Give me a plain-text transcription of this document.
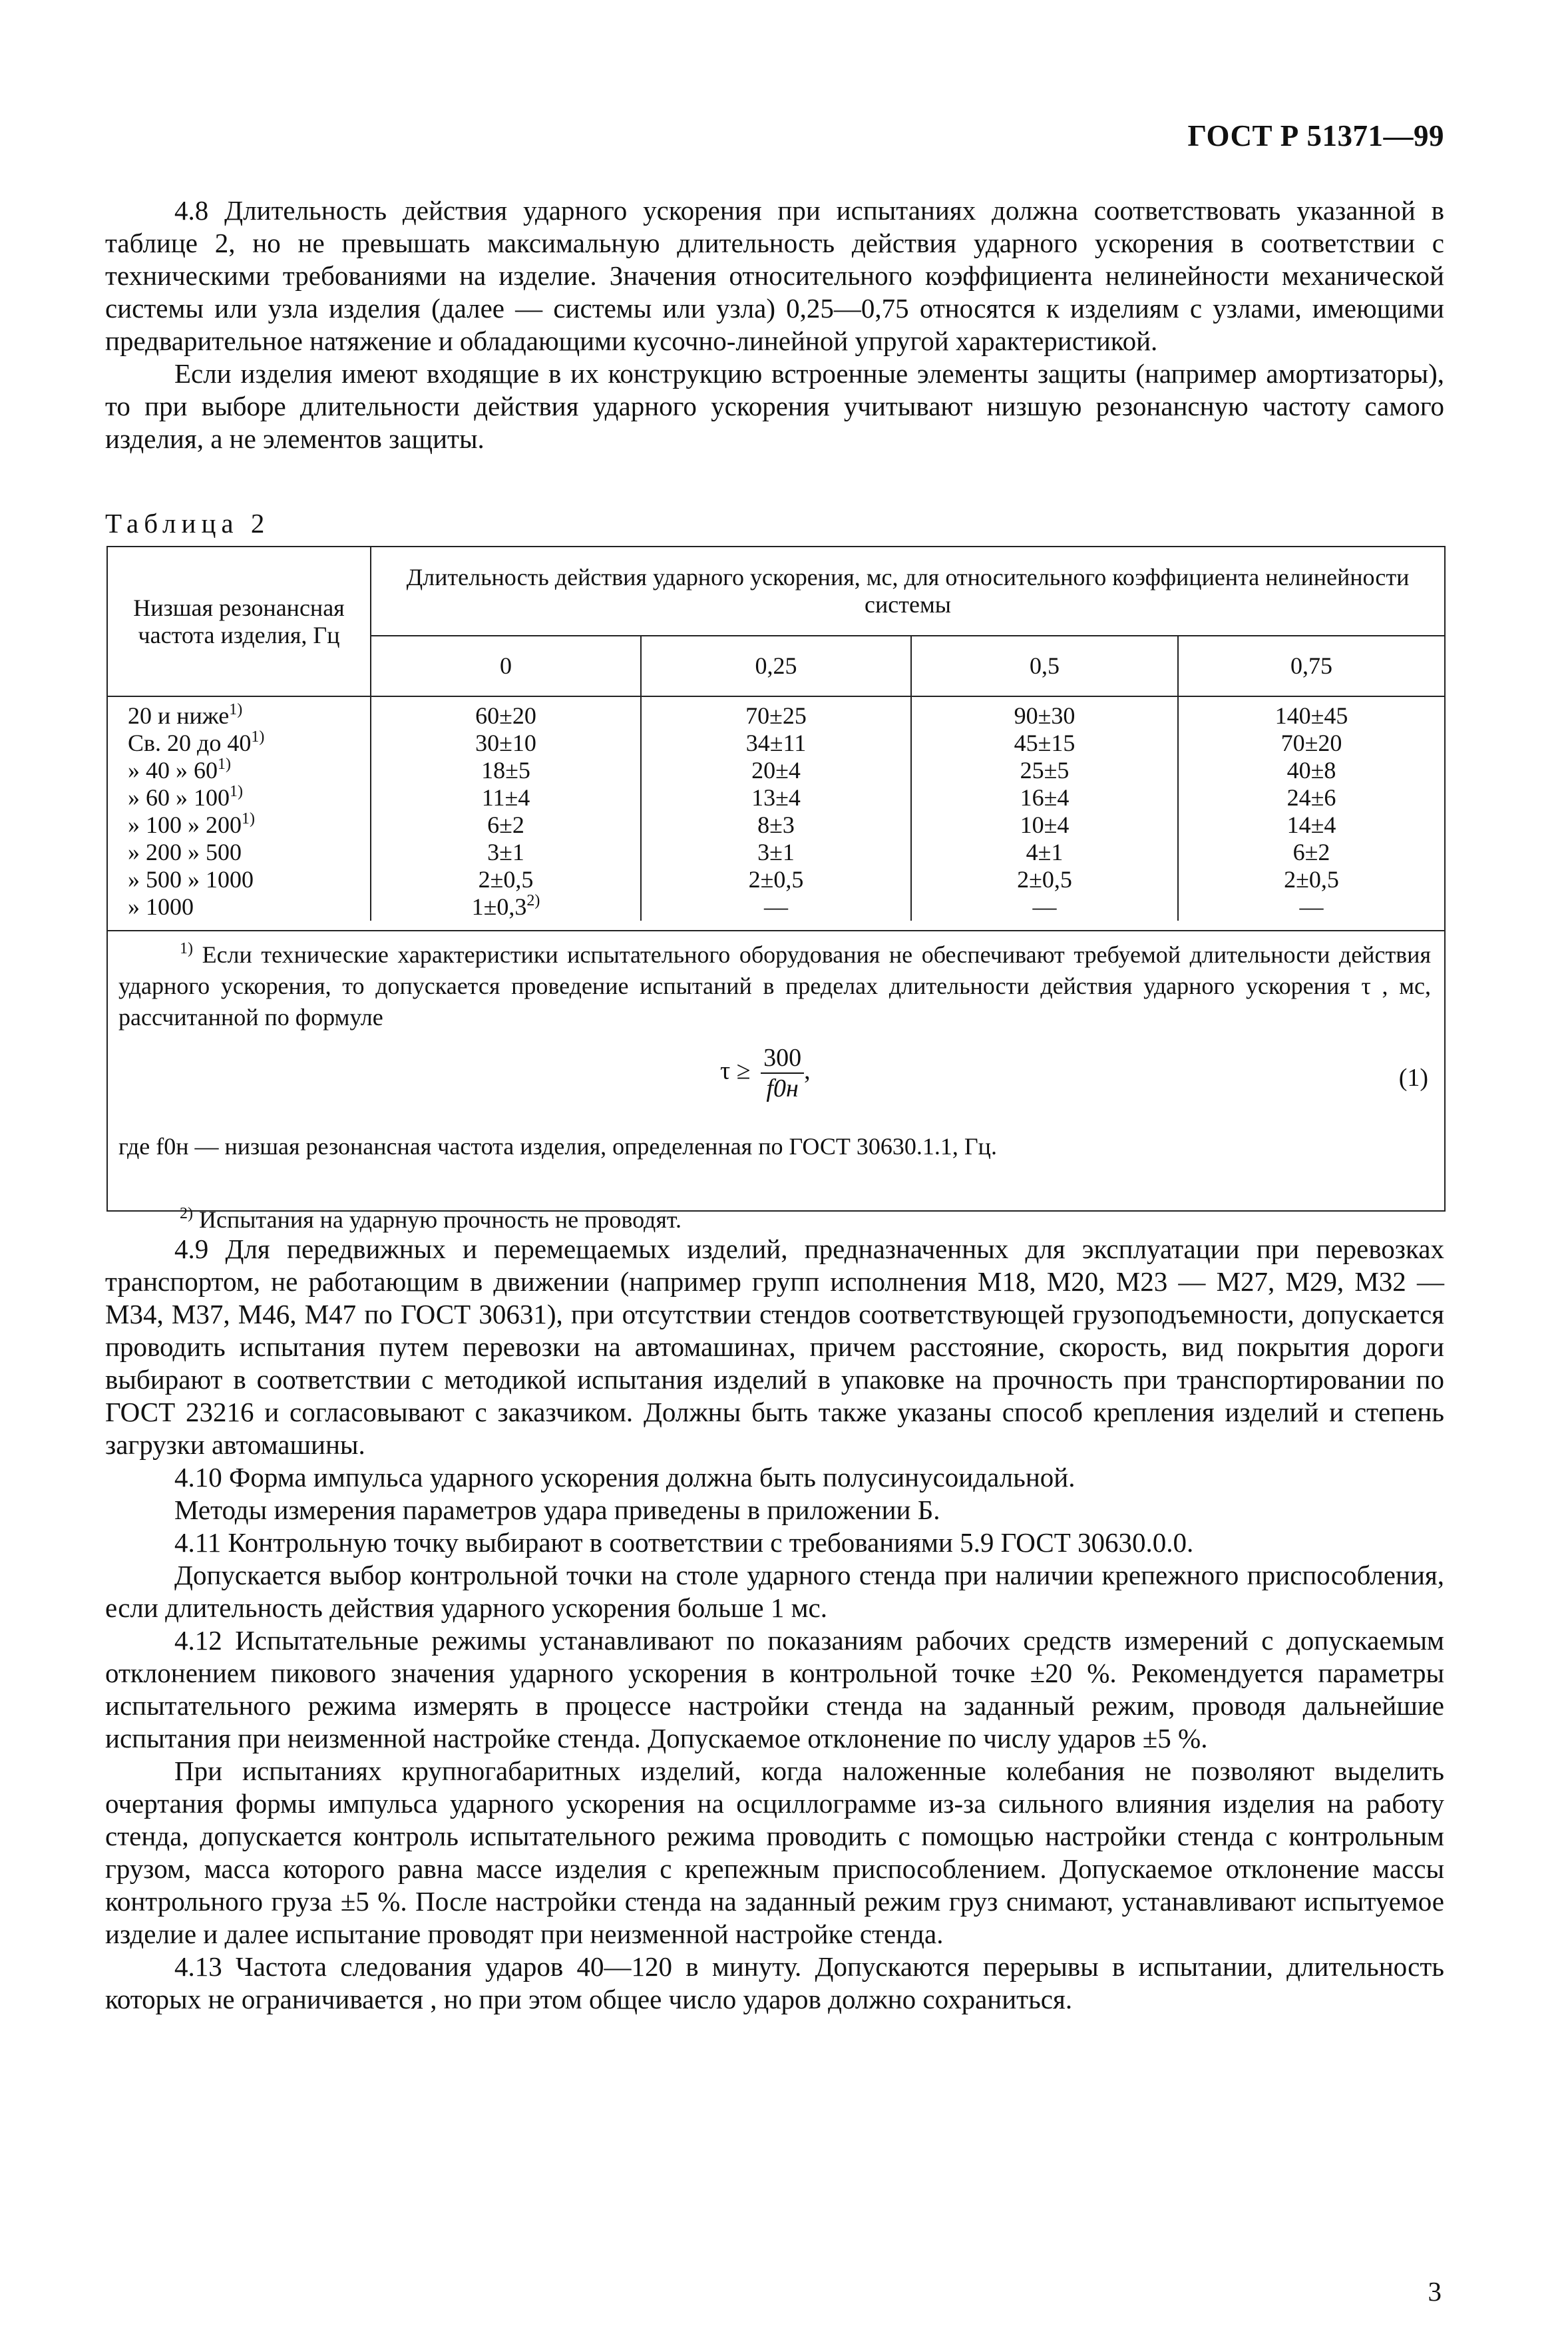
ГОСТ Р 51371—99

4.8 Длительность действия ударного ускорения при испытаниях должна соответствовать указанной в таблице 2, но не превышать максимальную длительность действия ударного ускорения в соответствии с техническими требованиями на изделие. Значения относительного коэффициента нелинейности механической системы или узла изделия (далее — системы или узла) 0,25—0,75 относятся к изделиям с узлами, имеющими предварительное натяжение и обладающими кусочно-линейной упругой характеристикой.

Если изделия имеют входящие в их конструкцию встроенные элементы защиты (например амортизаторы), то при выборе длительности действия ударного ускорения учитывают низшую резонансную частоту самого изделия, а не элементов защиты.

Таблица 2
Низшая резонансная частота изделия, Гц	Длительность действия ударного ускорения, мс, для относительного коэффициента нелинейности системы			
	0	0,25	0,5	0,75
20 и ниже$^{1)}$	60±20	70±25	90±30	140±45
Св. 20 до 40$^{1)}$	30±10	34±11	45±15	70±20
» 40 » 60$^{1)}$	18±5	20±4	25±5	40±8
» 60 » 100$^{1)}$	11±4	13±4	16±4	24±6
» 100 » 200$^{1)}$	6±2	8±3	10±4	14±4
» 200 » 500	3±1	3±1	4±1	6±2
» 500 » 1000	2±0,5	2±0,5	2±0,5	2±0,5
» 1000	$1\pm 0,3^{2)}$	—	—	—
$^{1)}$ Если технические характеристики испытательного оборудования не обеспечивают требуемой длительности действия ударного ускорения, то допускается проведение испытаний в пределах длительности действия ударного ускорения τ , мс, рассчитанной по формуле
$\tau \ge \frac{300}{f0н}$ ,	(1)
где f0н — низшая резонансная частота изделия, определенная по ГОСТ 30630.1.1, Гц.
$^{2)}$ Испытания на ударную прочность не проводят.

4.9 Для передвижных и перемещаемых изделий, предназначенных для эксплуатации при перевозках транспортом, не работающим в движении (например групп исполнения М18, М20, М23 — М27, М29, М32 — М34, М37, М46, М47 по ГОСТ 30631), при отсутствии стендов соответствующей грузоподъемности, допускается проводить испытания путем перевозки на автомашинах, причем расстояние, скорость, вид покрытия дороги выбирают в соответствии с методикой испытания изделий в упаковке на прочность при транспортировании по ГОСТ 23216 и согласовывают с заказчиком. Должны быть также указаны способ крепления изделий и степень загрузки автомашины.

4.10 Форма импульса ударного ускорения должна быть полусинусоидальной.

Методы измерения параметров удара приведены в приложении Б.

4.11 Контрольную точку выбирают в соответствии с требованиями 5.9 ГОСТ 30630.0.0.

Допускается выбор контрольной точки на столе ударного стенда при наличии крепежного приспособления, если длительность действия ударного ускорения больше 1 мс.

4.12 Испытательные режимы устанавливают по показаниям рабочих средств измерений с допускаемым отклонением пикового значения ударного ускорения в контрольной точке ±20 %. Рекомендуется параметры испытательного режима измерять в процессе настройки стенда на заданный режим, проводя дальнейшие испытания при неизменной настройке стенда. Допускаемое отклонение по числу ударов ±5 %.

При испытаниях крупногабаритных изделий, когда наложенные колебания не позволяют выделить очертания формы импульса ударного ускорения на осциллограмме из-за сильного влияния изделия на работу стенда, допускается контроль испытательного режима проводить с помощью настройки стенда с контрольным грузом, масса которого равна массе изделия с крепежным приспособлением. Допускаемое отклонение массы контрольного груза ±5 %. После настройки стенда на заданный режим груз снимают, устанавливают испытуемое изделие и далее испытание проводят при неизменной настройке стенда.

4.13 Частота следования ударов 40—120 в минуту. Допускаются перерывы в испытании, длительность которых не ограничивается , но при этом общее число ударов должно сохраниться.

3
